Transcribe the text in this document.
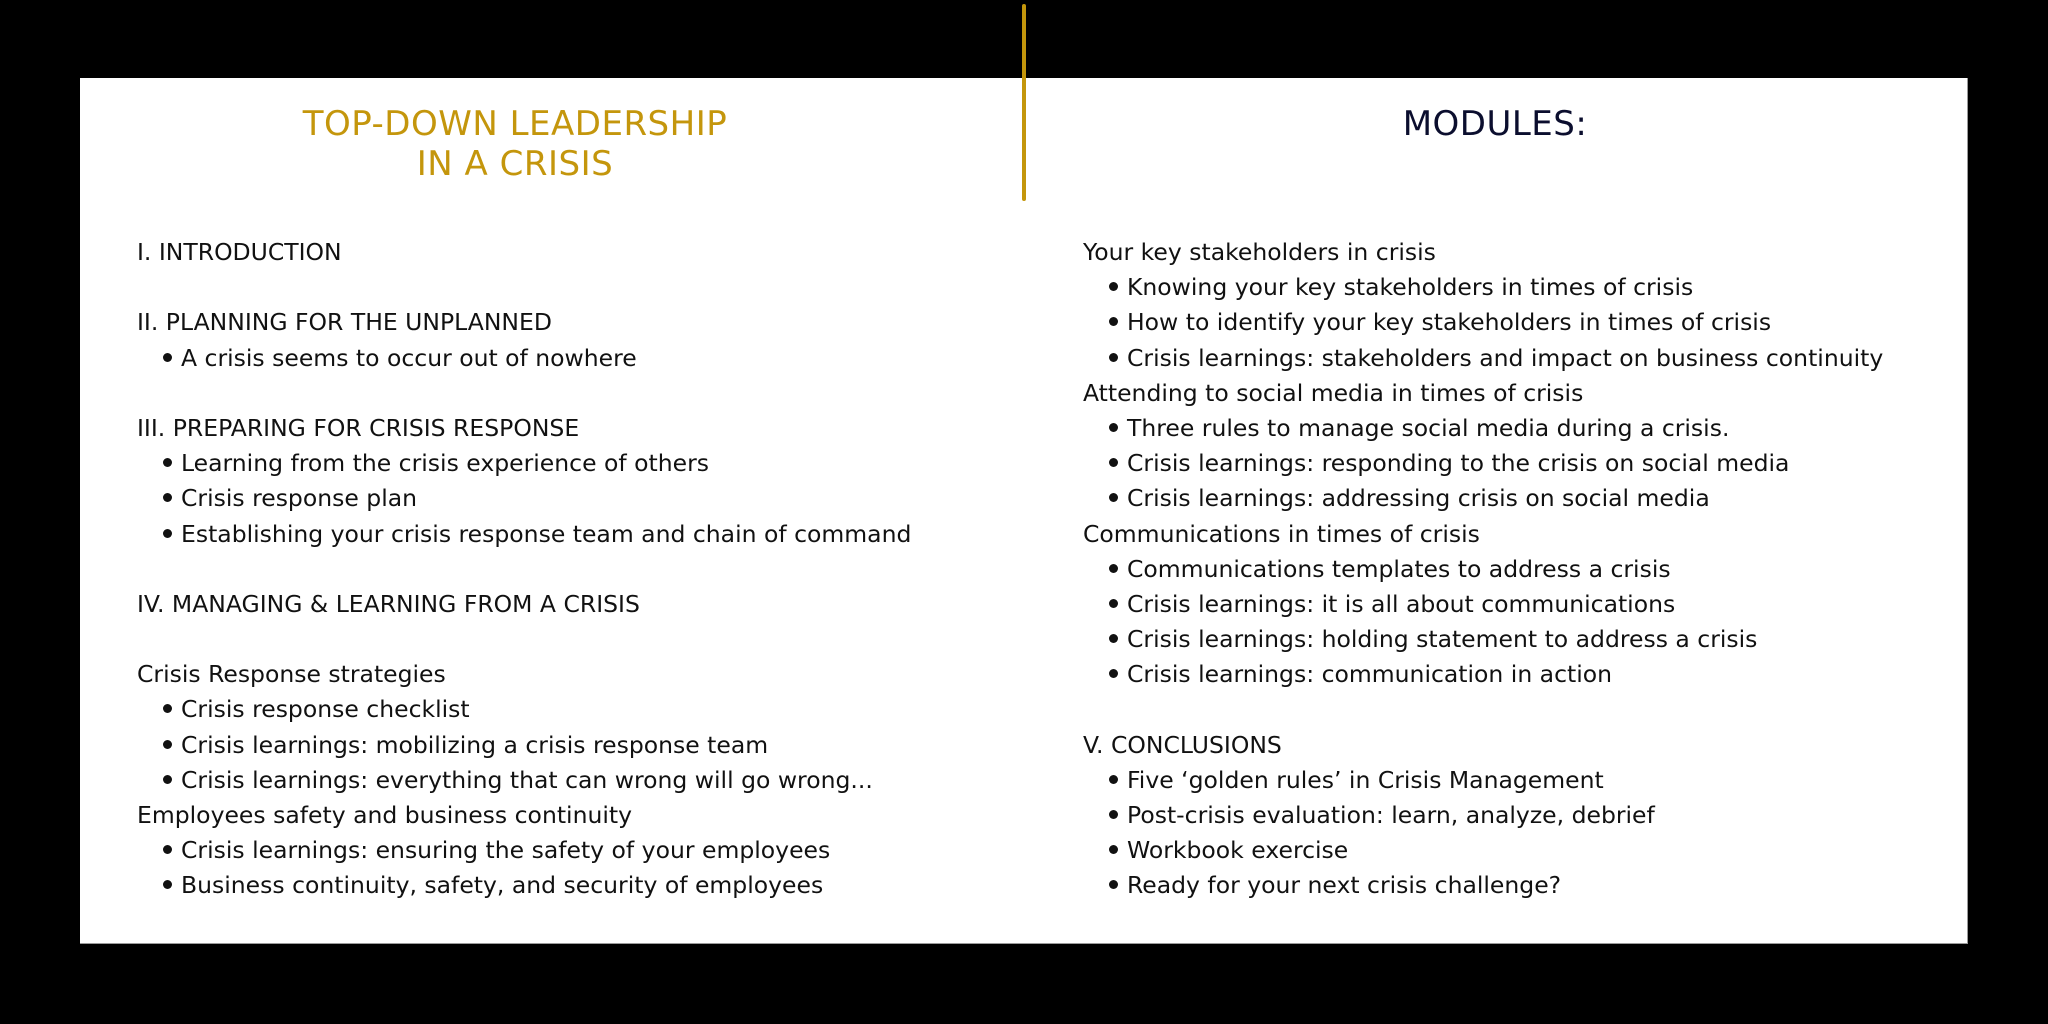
TOP-DOWN LEADERSHIP
IN A CRISIS
MODULES:
I. INTRODUCTION
II. PLANNING FOR THE UNPLANNED
A crisis seems to occur out of nowhere
III. PREPARING FOR CRISIS RESPONSE
Learning from the crisis experience of others
Crisis response plan
Establishing your crisis response team and chain of command
IV. MANAGING & LEARNING FROM A CRISIS
Crisis Response strategies
Crisis response checklist
Crisis learnings: mobilizing a crisis response team
Crisis learnings: everything that can wrong will go wrong...
Employees safety and business continuity
Crisis learnings: ensuring the safety of your employees
Business continuity, safety, and security of employees
Your key stakeholders in crisis
Knowing your key stakeholders in times of crisis
How to identify your key stakeholders in times of crisis
Crisis learnings: stakeholders and impact on business continuity
Attending to social media in times of crisis
Three rules to manage social media during a crisis.
Crisis learnings: responding to the crisis on social media
Crisis learnings: addressing crisis on social media
Communications in times of crisis
Communications templates to address a crisis
Crisis learnings: it is all about communications
Crisis learnings: holding statement to address a crisis
Crisis learnings: communication in action
V. CONCLUSIONS
Five ‘golden rules’ in Crisis Management
Post-crisis evaluation: learn, analyze, debrief
Workbook exercise
Ready for your next crisis challenge?
